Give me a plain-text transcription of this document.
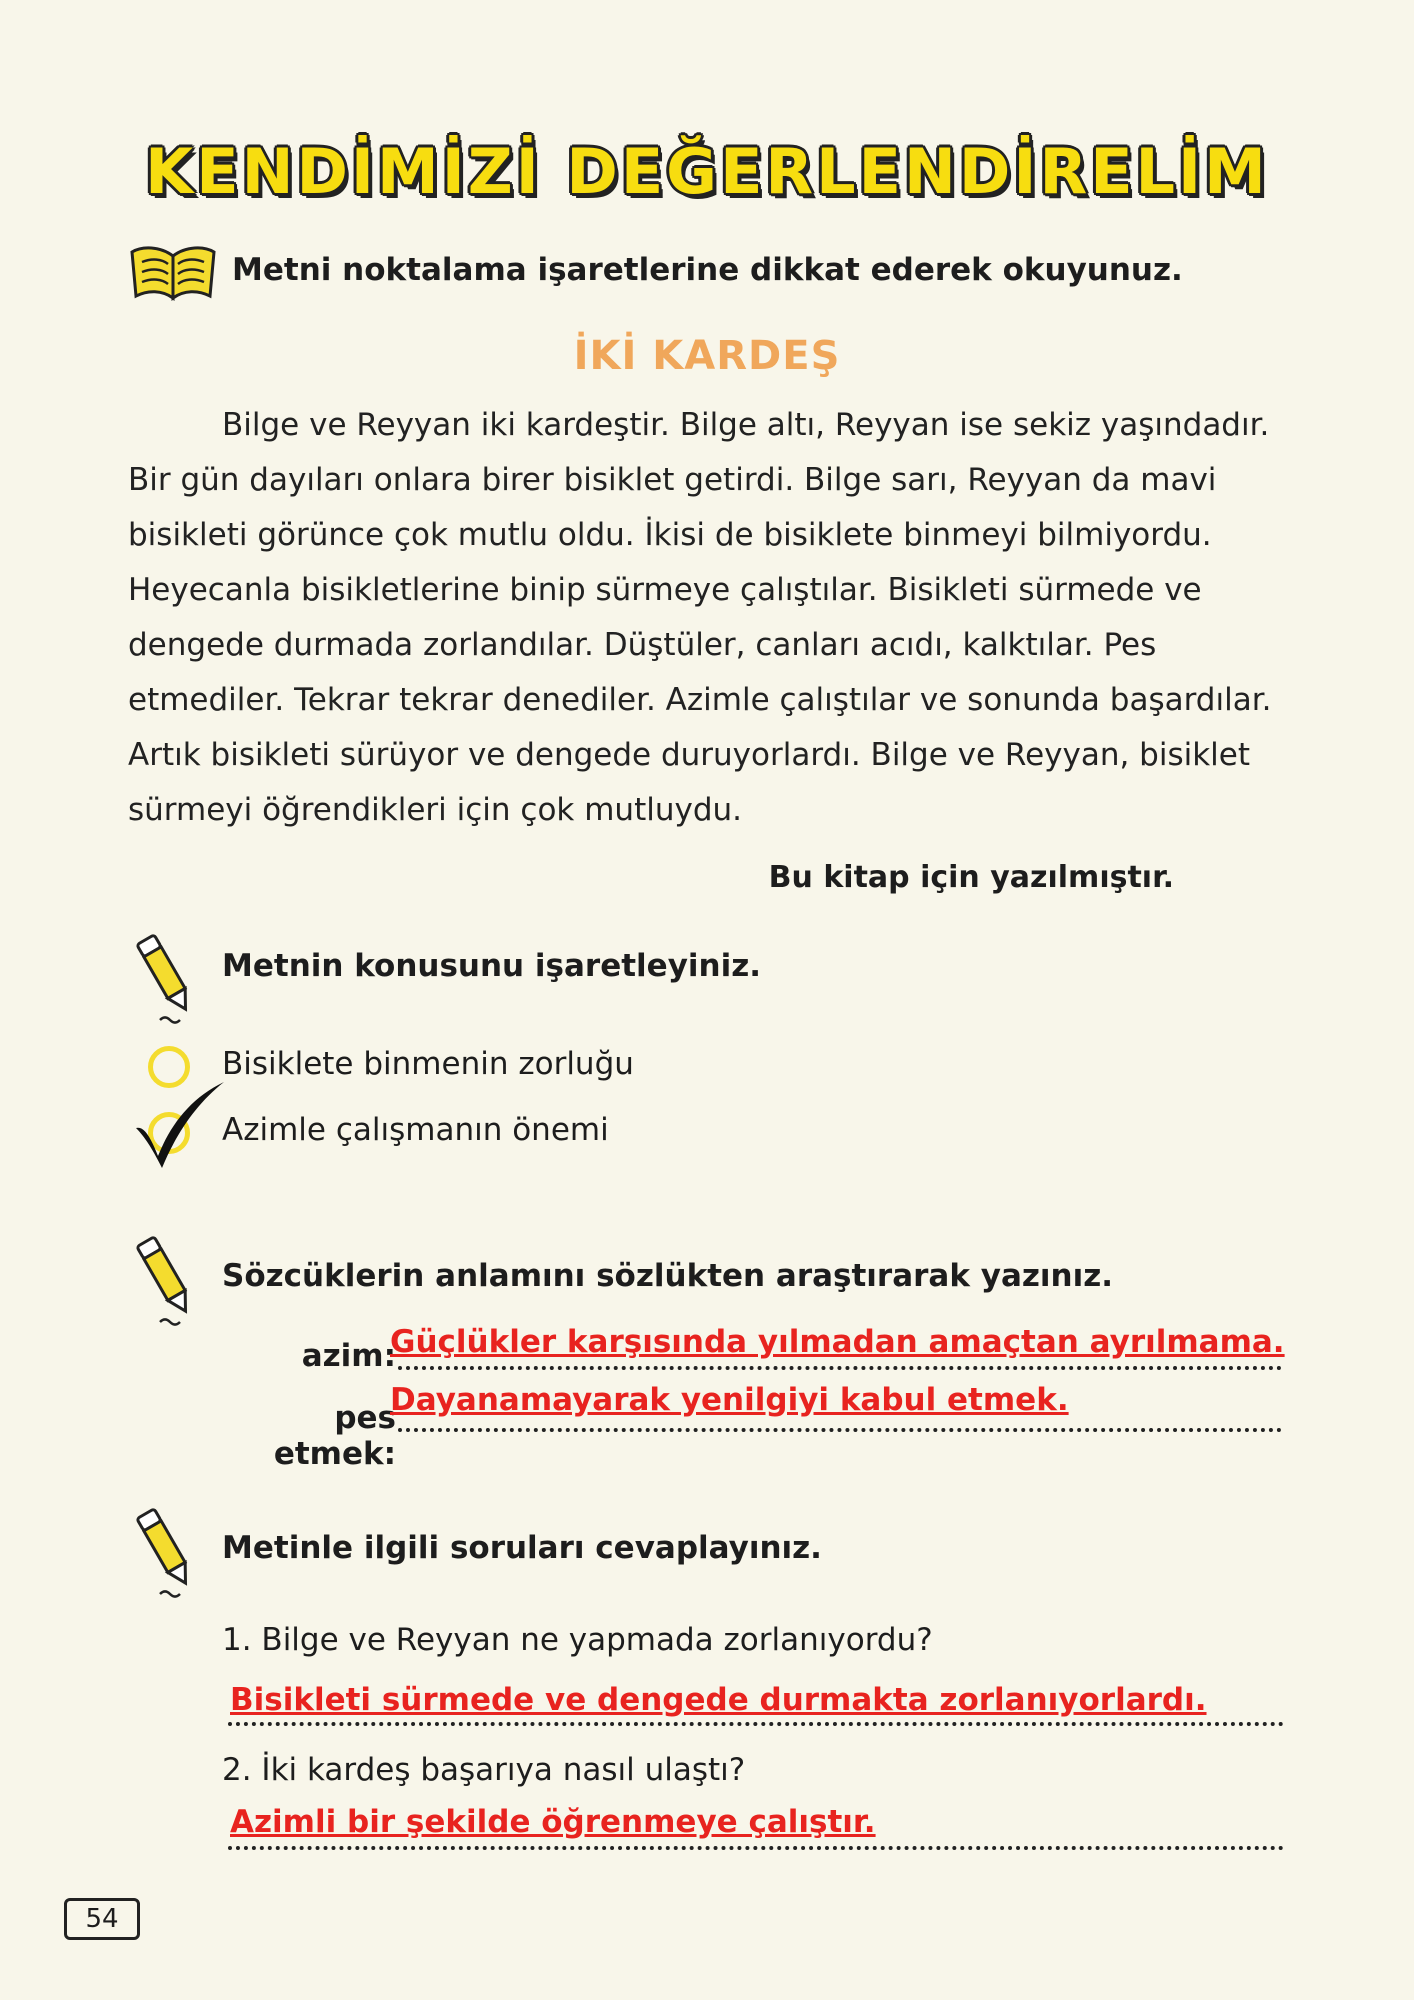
KENDİMİZİ DEĞERLENDİRELİM
Metni noktalama işaretlerine dikkat ederek okuyunuz.
İKİ KARDEŞ

Bilge ve Reyyan iki kardeştir. Bilge altı, Reyyan ise sekiz yaşındadır. Bir gün dayıları onlara birer bisiklet getirdi. Bilge sarı, Reyyan da mavi bisikleti görünce çok mutlu oldu. İkisi de bisiklete binmeyi bilmiyordu. Heyecanla bisikletlerine binip sürmeye çalıştılar. Bisikleti sürmede ve dengede durmada zorlandılar. Düştüler, canları acıdı, kalktılar. Pes etmediler. Tekrar tekrar denediler. Azimle çalıştılar ve sonunda başardılar. Artık bisikleti sürüyor ve dengede duruyorlardı. Bilge ve Reyyan, bisiklet sürmeyi öğrendikleri için çok mutluydu.

Bu kitap için yazılmıştır.
Metnin konusunu işaretleyiniz.
Bisiklete binmenin zorluğu
Azimle çalışmanın önemi
Sözcüklerin anlamını sözlükten araştırarak yazınız.
azim:
Güçlükler karşısında yılmadan amaçtan ayrılmama.
pes etmek:
Dayanamayarak yenilgiyi kabul etmek.
Metinle ilgili soruları cevaplayınız.
1. Bilge ve Reyyan ne yapmada zorlanıyordu?
Bisikleti sürmede ve dengede durmakta zorlanıyorlardı.
2. İki kardeş başarıya nasıl ulaştı?
Azimli bir şekilde öğrenmeye çalıştır.
54
